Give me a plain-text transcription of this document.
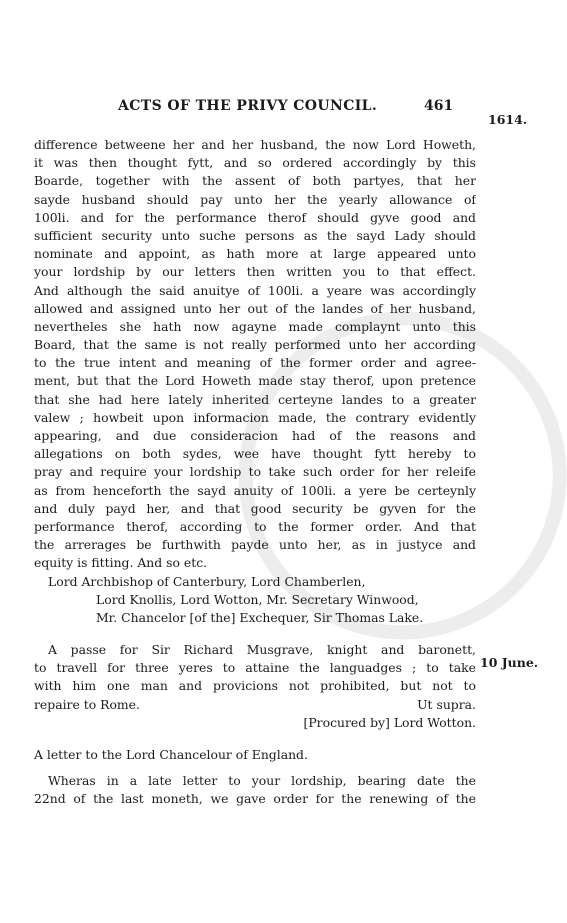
ACTS OF THE PRIVY COUNCIL.	461
1614.
10 June.
difference betweene her and her husband, the now Lord Howeth,
it was then thought fytt, and so ordered accordingly by this
Boarde, together with the assent of both partyes, that her
sayde husband should pay unto her the yearly allowance of
100li. and for the performance therof should gyve good and
sufficient security unto suche persons as the sayd Lady should
nominate and appoint, as hath more at large appeared unto
your lordship by our letters then written you to that effect.
And although the said anuitye of 100li. a yeare was accordingly
allowed and assigned unto her out of the landes of her husband,
nevertheles she hath now agayne made complaynt unto this
Board, that the same is not really performed unto her according
to the true intent and meaning of the former order and agree-
ment, but that the Lord Howeth made stay therof, upon pretence
that she had here lately inherited certeyne landes to a greater
valew ; howbeit upon informacion made, the contrary evidently
appearing, and due consideracion had of the reasons and
allegations on both sydes, wee have thought fytt hereby to
pray and require your lordship to take such order for her releife
as from henceforth the sayd anuity of 100li. a yere be certeynly
and duly payd her, and that good security be gyven for the
performance therof, according to the former order. And that
the arrerages be furthwith payde unto her, as in justyce and
equity is fitting. And so etc.
Lord Archbishop of Canterbury, Lord Chamberlen,
Lord Knollis, Lord Wotton, Mr. Secretary Winwood,
Mr. Chancelor [of the] Exchequer, Sir Thomas Lake.
A passe for Sir Richard Musgrave, knight and baronett,
to travell for three yeres to attaine the languadges ; to take
with him one man and provicions not prohibited, but not to
repaire to Rome.	Ut supra.
[Procured by] Lord Wotton.
A letter to the Lord Chancelour of England.
Wheras in a late letter to your lordship, bearing date the
22nd of the last moneth, we gave order for the renewing of the
